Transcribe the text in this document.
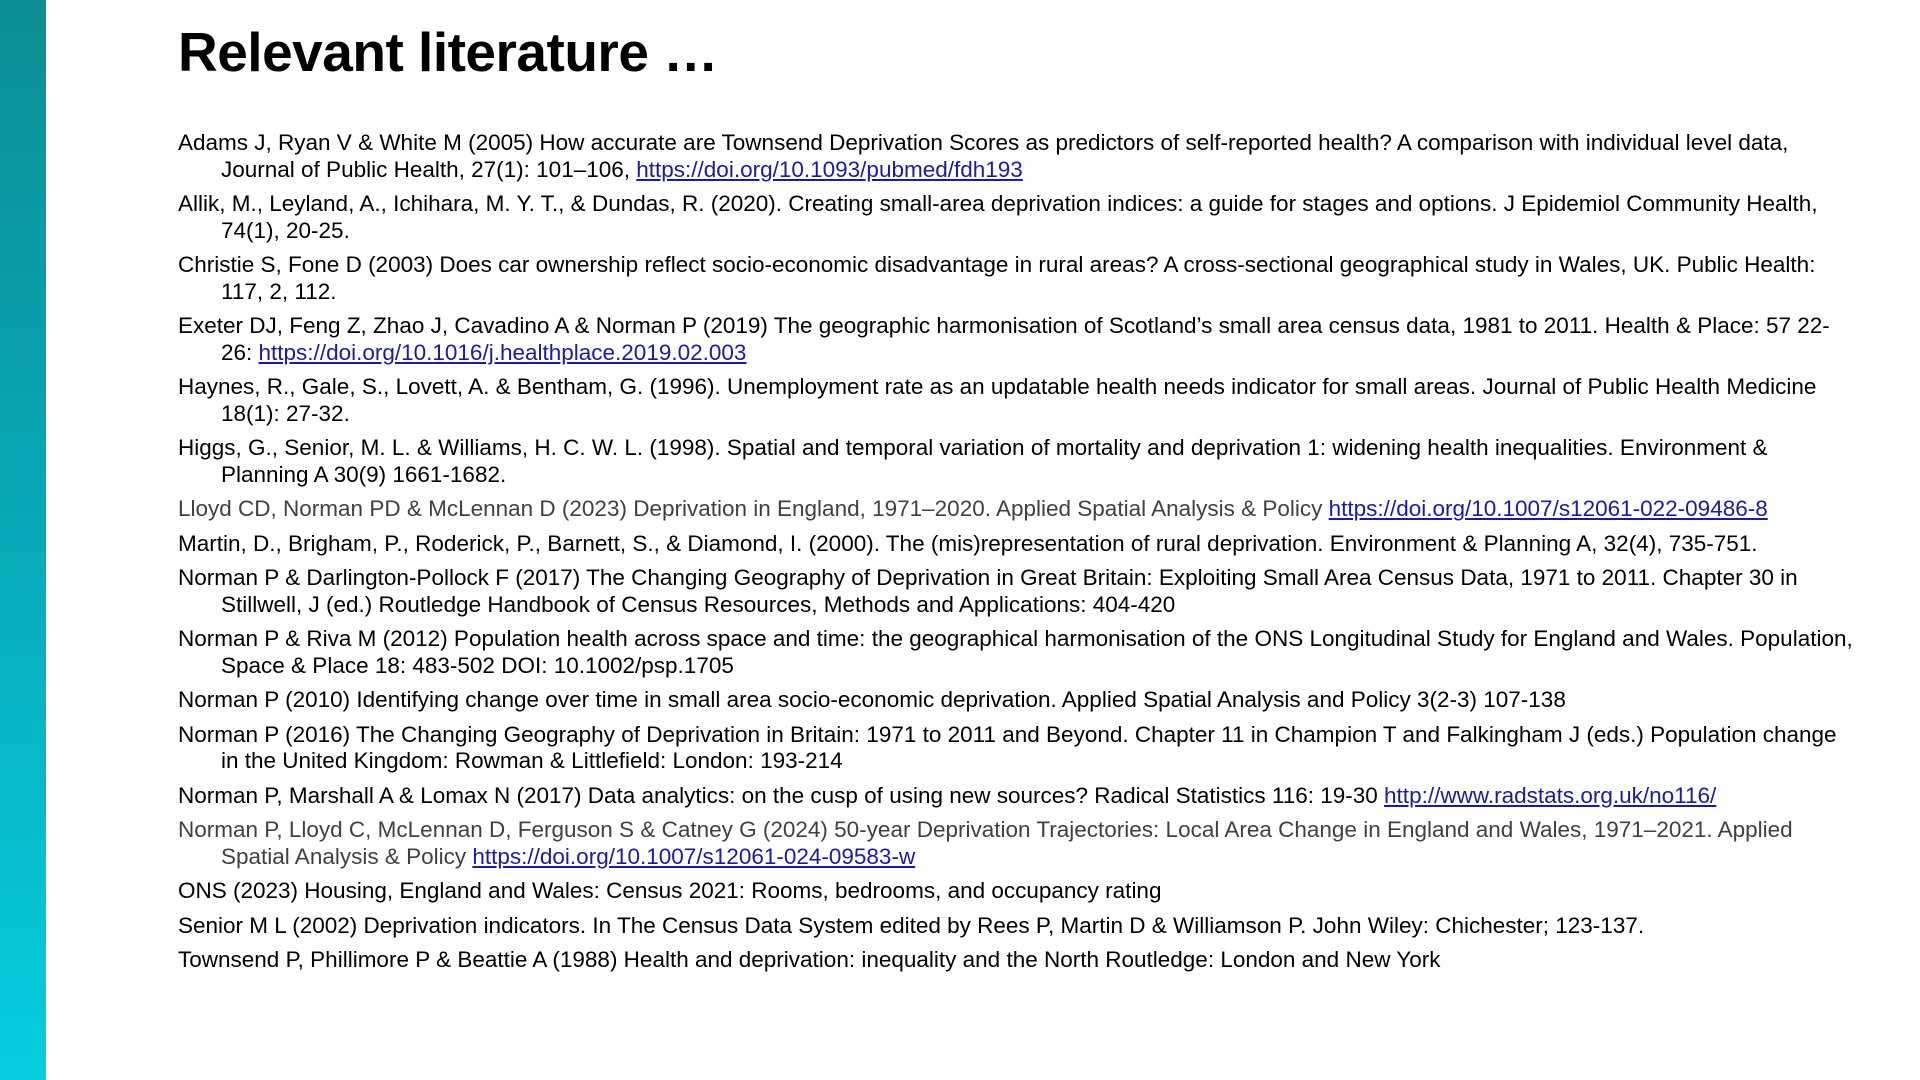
Relevant literature …
Adams J, Ryan V & White M (2005) How accurate are Townsend Deprivation Scores as predictors of self-reported health? A comparison with individual level data, Journal of Public Health, 27(1): 101–106, https://doi.org/10.1093/pubmed/fdh193
Allik, M., Leyland, A., Ichihara, M. Y. T., & Dundas, R. (2020). Creating small-area deprivation indices: a guide for stages and options. J Epidemiol Community Health, 74(1), 20-25.
Christie S, Fone D (2003) Does car ownership reflect socio-economic disadvantage in rural areas? A cross-sectional geographical study in Wales, UK. Public Health: 117, 2, 112.
Exeter DJ, Feng Z, Zhao J, Cavadino A & Norman P (2019) The geographic harmonisation of Scotland’s small area census data, 1981 to 2011. Health & Place: 57 22-26: https://doi.org/10.1016/j.healthplace.2019.02.003
Haynes, R., Gale, S., Lovett, A. & Bentham, G. (1996). Unemployment rate as an updatable health needs indicator for small areas. Journal of Public Health Medicine 18(1): 27-32.
Higgs, G., Senior, M. L. & Williams, H. C. W. L. (1998). Spatial and temporal variation of mortality and deprivation 1: widening health inequalities. Environment & Planning A 30(9) 1661-1682.
Lloyd CD, Norman PD & McLennan D (2023) Deprivation in England, 1971–2020. Applied Spatial Analysis & Policy https://doi.org/10.1007/s12061-022-09486-8
Martin, D., Brigham, P., Roderick, P., Barnett, S., & Diamond, I. (2000). The (mis)representation of rural deprivation. Environment & Planning A, 32(4), 735-751.
Norman P & Darlington-Pollock F (2017) The Changing Geography of Deprivation in Great Britain: Exploiting Small Area Census Data, 1971 to 2011. Chapter 30 in Stillwell, J (ed.) Routledge Handbook of Census Resources, Methods and Applications: 404-420
Norman P & Riva M (2012) Population health across space and time: the geographical harmonisation of the ONS Longitudinal Study for England and Wales. Population, Space & Place 18: 483-502 DOI: 10.1002/psp.1705
Norman P (2010) Identifying change over time in small area socio-economic deprivation. Applied Spatial Analysis and Policy 3(2-3) 107-138
Norman P (2016) The Changing Geography of Deprivation in Britain: 1971 to 2011 and Beyond. Chapter 11 in Champion T and Falkingham J (eds.) Population change in the United Kingdom: Rowman & Littlefield: London: 193-214
Norman P, Marshall A & Lomax N (2017) Data analytics: on the cusp of using new sources? Radical Statistics 116: 19-30 http://www.radstats.org.uk/no116/
Norman P, Lloyd C, McLennan D, Ferguson S & Catney G (2024) 50-year Deprivation Trajectories: Local Area Change in England and Wales, 1971–2021. Applied Spatial Analysis & Policy https://doi.org/10.1007/s12061-024-09583-w
ONS (2023) Housing, England and Wales: Census 2021: Rooms, bedrooms, and occupancy rating
Senior M L (2002) Deprivation indicators. In The Census Data System edited by Rees P, Martin D & Williamson P. John Wiley: Chichester; 123-137.
Townsend P, Phillimore P & Beattie A (1988) Health and deprivation: inequality and the North Routledge: London and New York
